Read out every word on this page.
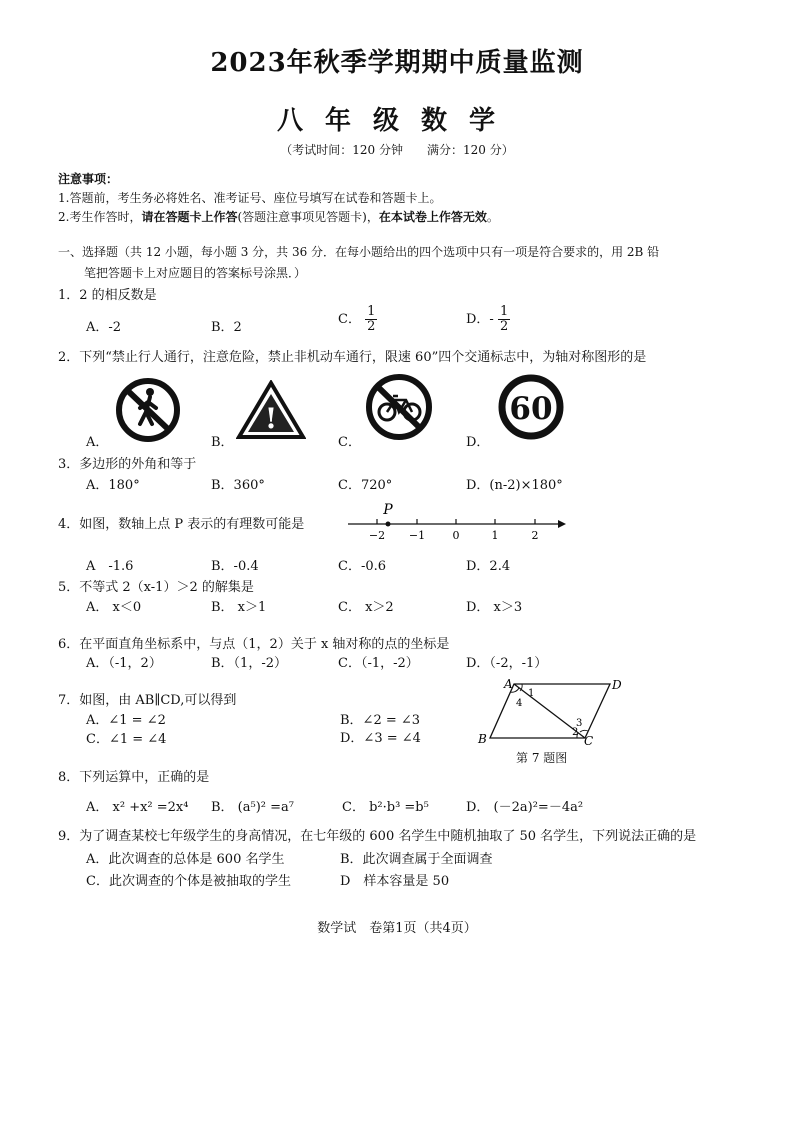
2023年秋季学期期中质量监测
八年级数学
（考试时间：120 分钟　　满分：120 分）
注意事项：
1.答题前，考生务必将姓名、准考证号、座位号填写在试卷和答题卡上。
2.考生作答时，请在答题卡上作答(答题注意事项见答题卡)，在本试卷上作答无效。
一、选择题（共 12 小题，每小题 3 分，共 36 分．在每小题给出的四个选项中只有一项是符合要求的，用 2B 铅
笔把答题卡上对应题目的答案标号涂黑．）
1．2 的相反数是
A．-2	B．2
C． $\frac{1}{2}$	D．- $\frac{1}{2}$
2．下列“禁止行人通行，注意危险，禁止非机动车通行，限速 60”四个交通标志中，为轴对称图形的是
!	60
A．	B．	C．	D．
3．多边形的外角和等于
A．180°	B．360°	C．720°	D．(n-2)×180°
4．如图，数轴上点 P 表示的有理数可能是
P
−2 −1 0	1	2
A　-1.6	B．-0.4	C．-0.6	D．2.4
5．不等式 2（x-1）＞2 的解集是
A． x＜0	B． x＞1	C． x＞2	D． x＞3
6．在平面直角坐标系中，与点（1，2）关于 x 轴对称的点的坐标是
A．（-1，2）	B．（1，-2）	C．（-1，-2）	D．（-2，-1）
7．如图，由 AB∥CD,可以得到
A．∠1 = ∠2	B．∠2 = ∠3
C．∠1 = ∠4	D．∠3 = ∠4
A	D
B	C
1
4
2
3
第 7 题图
8．下列运算中，正确的是
A． x² +x² =2x⁴ B． (a⁵)² =a⁷	C． b²·b³ =b⁵	D． (－2a)²=－4a²
9．为了调查某校七年级学生的身高情况，在七年级的 600 名学生中随机抽取了 50 名学生，下列说法正确的是
A．此次调查的总体是 600 名学生	B．此次调查属于全面调查
C．此次调查的个体是被抽取的学生	D　样本容量是 50
数学试　卷第1页（共4页）
